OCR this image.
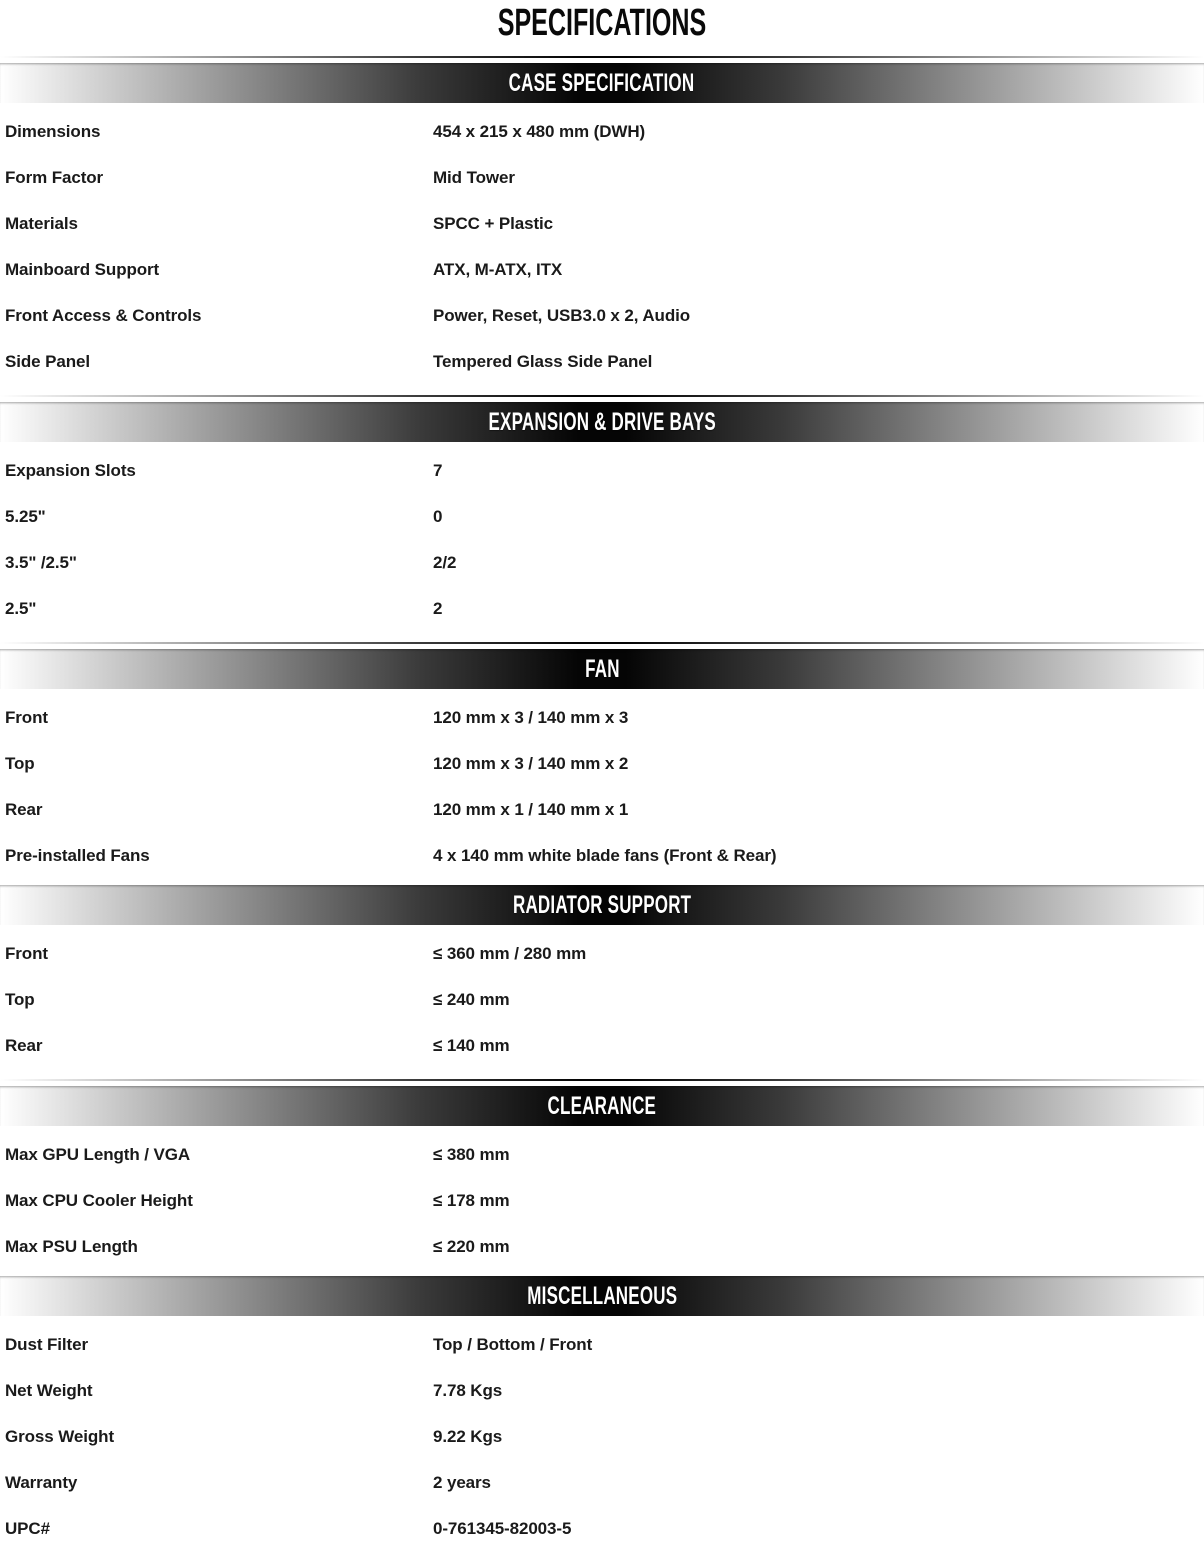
SPECIFICATIONS
CASE SPECIFICATION
Dimensions	454 x 215 x 480 mm (DWH)
Form Factor	Mid Tower
Materials	SPCC + Plastic
Mainboard Support	ATX, M-ATX, ITX
Front Access & Controls	Power, Reset, USB3.0 x 2, Audio
Side Panel	Tempered Glass Side Panel
EXPANSION & DRIVE BAYS
Expansion Slots	7
5.25"	0
3.5" /2.5"	2/2
2.5"	2
FAN
Front	120 mm x 3 / 140 mm x 3
Top	120 mm x 3 / 140 mm x 2
Rear	120 mm x 1 / 140 mm x 1
Pre-installed Fans	4 x 140 mm white blade fans (Front & Rear)
RADIATOR SUPPORT
Front	≤ 360 mm / 280 mm
Top	≤ 240 mm
Rear	≤ 140 mm
CLEARANCE
Max GPU Length / VGA	≤ 380 mm
Max CPU Cooler Height	≤ 178 mm
Max PSU Length	≤ 220 mm
MISCELLANEOUS
Dust Filter	Top / Bottom / Front
Net Weight	7.78 Kgs
Gross Weight	9.22 Kgs
Warranty	2 years
UPC#	0-761345-82003-5
